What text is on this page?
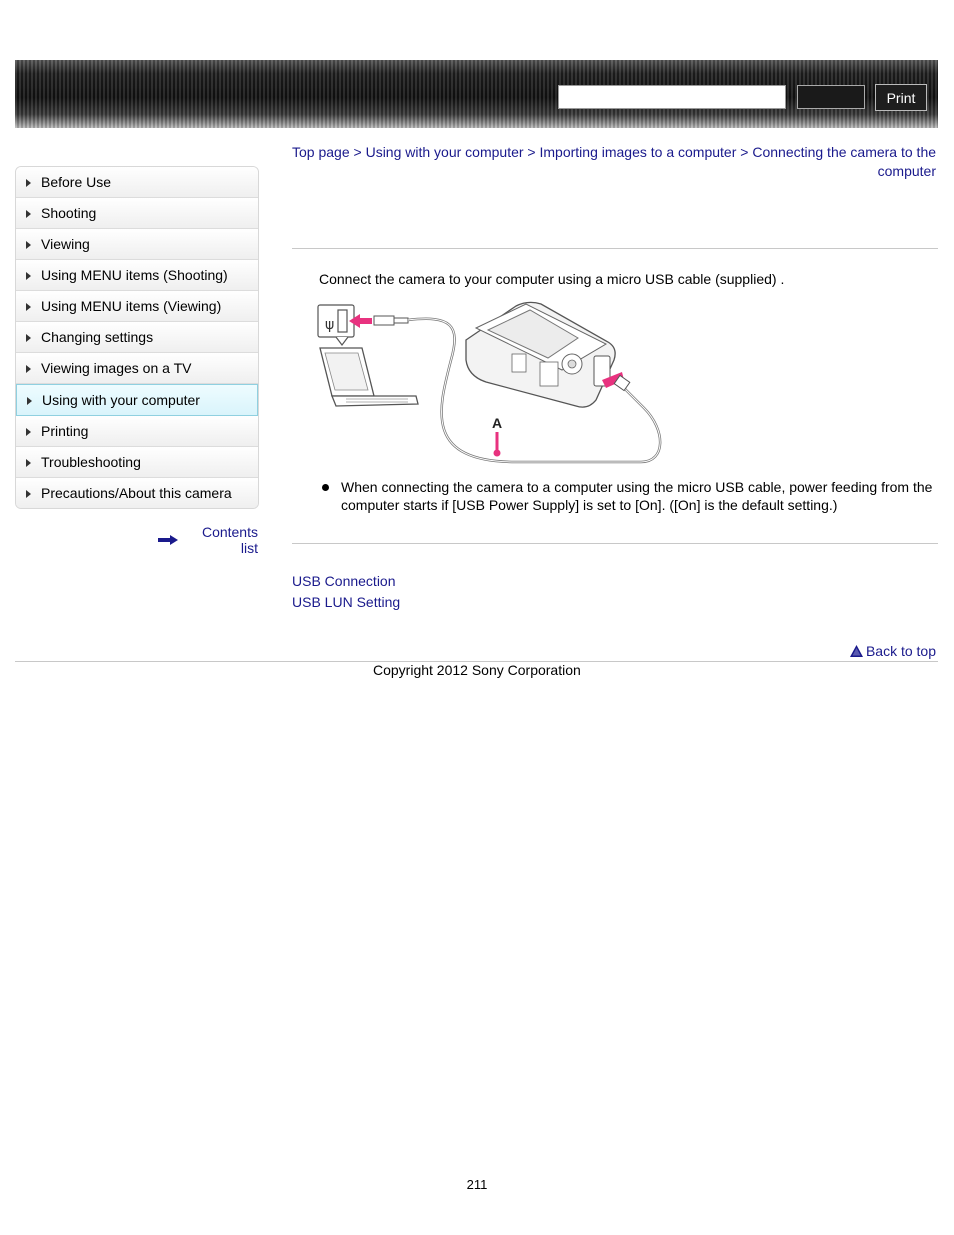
Print
Top page > Using with your computer > Importing images to a computer > Connecting the camera to the computer
Before Use
Shooting
Viewing
Using MENU items (Shooting)
Using MENU items (Viewing)
Changing settings
Viewing images on a TV
Using with your computer
Printing
Troubleshooting
Precautions/About this camera
Contents list
Connect the camera to your computer using a micro USB cable (supplied) .
ψ
A
When connecting the camera to a computer using the micro USB cable, power feeding from the computer starts if [USB Power Supply] is set to [On]. ([On] is the default setting.)
USB Connection
USB LUN Setting
Back to top
Copyright 2012 Sony Corporation
211
